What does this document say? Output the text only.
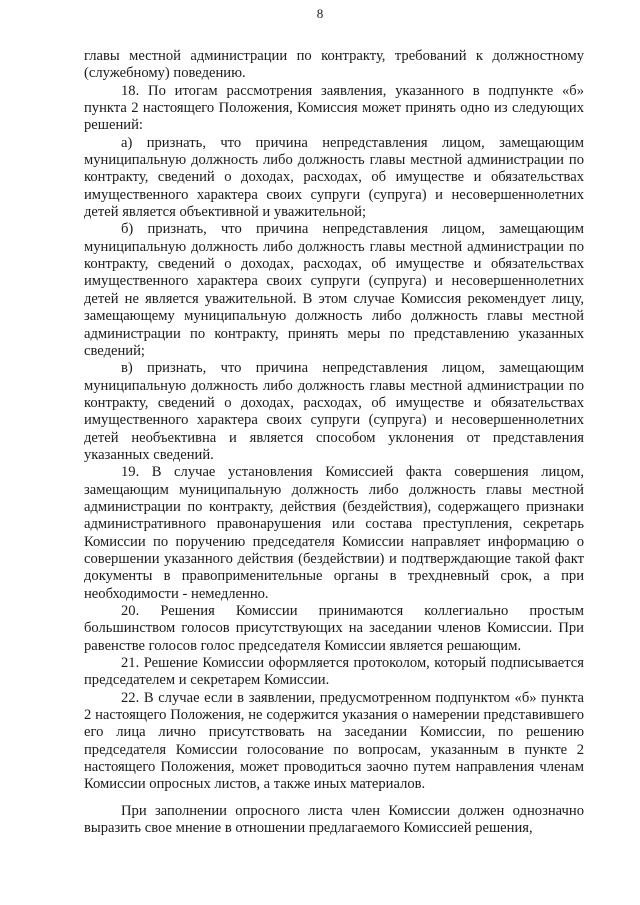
8

главы местной администрации по контракту, требований к должностному (служебному) поведению.

18. По итогам рассмотрения заявления, указанного в подпункте «б» пункта 2 настоящего Положения, Комиссия может принять одно из следующих решений:

а) признать, что причина непредставления лицом, замещающим муниципальную должность либо должность главы местной администрации по контракту, сведений о доходах, расходах, об имуществе и обязательствах имущественного характера своих супруги (супруга) и несовершеннолетних детей является объективной и уважительной;

б) признать, что причина непредставления лицом, замещающим муниципальную должность либо должность главы местной администрации по контракту, сведений о доходах, расходах, об имуществе и обязательствах имущественного характера своих супруги (супруга) и несовершеннолетних детей не является уважительной. В этом случае Комиссия рекомендует лицу, замещающему муниципальную должность либо должность главы местной администрации по контракту, принять меры по представлению указанных сведений;

в) признать, что причина непредставления лицом, замещающим муниципальную должность либо должность главы местной администрации по контракту, сведений о доходах, расходах, об имуществе и обязательствах имущественного характера своих супруги (супруга) и несовершеннолетних детей необъективна и является способом уклонения от представления указанных сведений.

19. В случае установления Комиссией факта совершения лицом, замещающим муниципальную должность либо должность главы местной администрации по контракту, действия (бездействия), содержащего признаки административного правонарушения или состава преступления, секретарь Комиссии по поручению председателя Комиссии направляет информацию о совершении указанного действия (бездействии) и подтверждающие такой факт документы в правоприменительные органы в трехдневный срок, а при необходимости - немедленно.

20. Решения Комиссии принимаются коллегиально простым большинством голосов присутствующих на заседании членов Комиссии. При равенстве голосов голос председателя Комиссии является решающим.

21. Решение Комиссии оформляется протоколом, который подписывается председателем и секретарем Комиссии.

22. В случае если в заявлении, предусмотренном подпунктом «б» пункта 2 настоящего Положения, не содержится указания о намерении представившего его лица лично присутствовать на заседании Комиссии, по решению председателя Комиссии голосование по вопросам, указанным в пункте 2 настоящего Положения, может проводиться заочно путем направления членам Комиссии опросных листов, а также иных материалов.

При заполнении опросного листа член Комиссии должен однозначно выразить свое мнение в отношении предлагаемого Комиссией решения,
